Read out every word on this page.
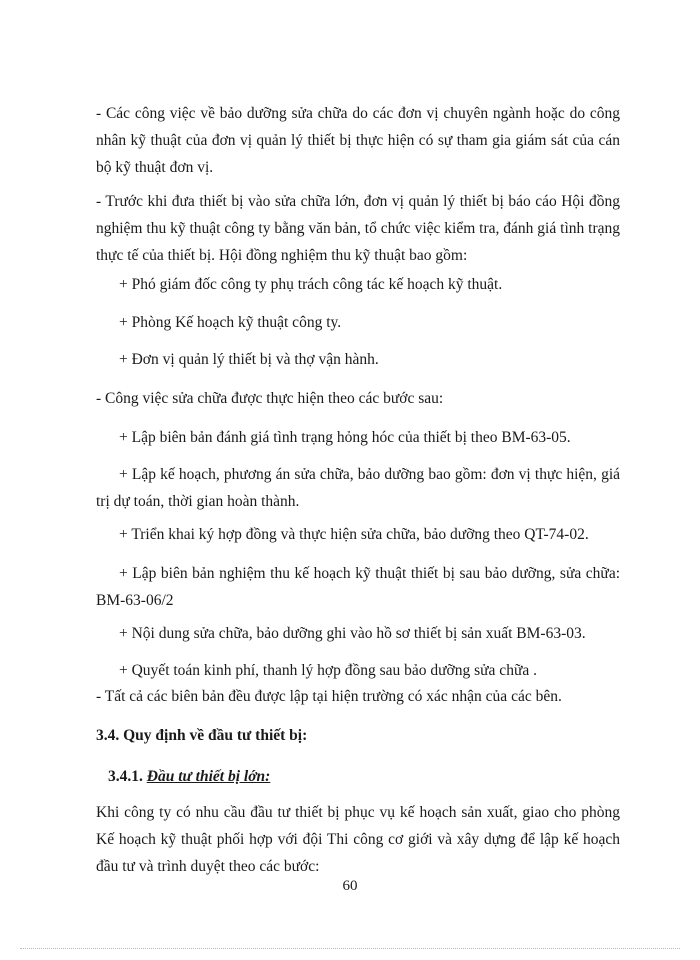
- Các công việc về bảo dưỡng sửa chữa do các đơn vị chuyên ngành hoặc do công nhân kỹ thuật của đơn vị quản lý thiết bị thực hiện có sự tham gia giám sát của cán bộ kỹ thuật đơn vị.
- Trước khi đưa thiết bị vào sửa chữa lớn, đơn vị quản lý thiết bị báo cáo Hội đồng nghiệm thu kỹ thuật công ty bằng văn bản, tổ chức việc kiểm tra, đánh giá tình trạng thực tế của thiết bị. Hội đồng nghiệm thu kỹ thuật bao gồm:
+ Phó giám đốc công ty phụ trách công tác kế hoạch kỹ thuật.
+ Phòng Kế hoạch kỹ thuật công ty.
+ Đơn vị quản lý thiết bị và thợ vận hành.
- Công việc sửa chữa được thực hiện theo các bước sau:
+ Lập biên bản đánh giá tình trạng hỏng hóc của thiết bị theo BM-63-05.
+ Lập kế hoạch, phương án sửa chữa, bảo dưỡng bao gồm: đơn vị thực hiện, giá trị dự toán, thời gian hoàn thành.
+ Triển khai ký hợp đồng và thực hiện sửa chữa, bảo dưỡng theo QT-74-02.
+ Lập biên bản nghiệm thu kế hoạch kỹ thuật thiết bị sau bảo dưỡng, sửa chữa: BM-63-06/2
+ Nội dung sửa chữa, bảo dưỡng ghi vào hồ sơ thiết bị sản xuất BM-63-03.
+ Quyết toán kinh phí, thanh lý hợp đồng sau bảo dưỡng sửa chữa .
- Tất cả các biên bản đều được lập tại hiện trường có xác nhận của các bên.
3.4. Quy định về đầu tư thiết bị:
3.4.1. Đầu tư thiết bị lớn:
Khi công ty có nhu cầu đầu tư thiết bị phục vụ kế hoạch sản xuất, giao cho phòng Kế hoạch kỹ thuật phối hợp với đội Thi công cơ giới và xây dựng để lập kế hoạch đầu tư và trình duyệt theo các bước:
60
